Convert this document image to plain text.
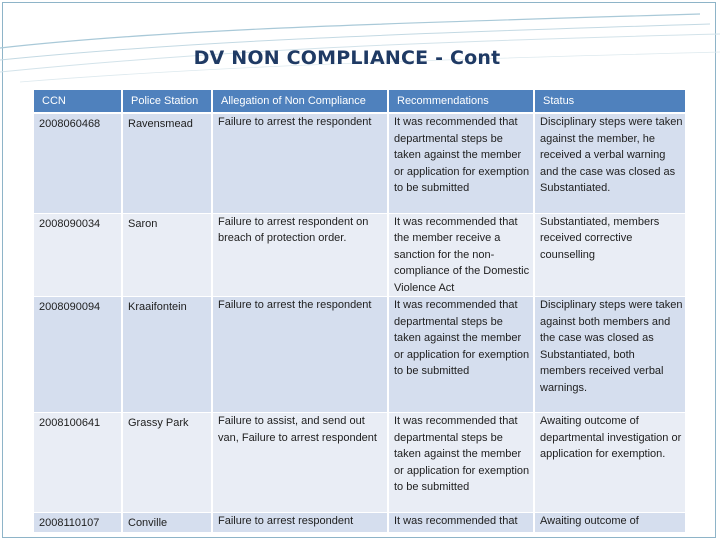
DV NON COMPLIANCE - Cont
CCN	Police Station	Allegation of Non Compliance	Recommendations	Status
2008060468	Ravensmead	Failure to arrest the respondent	It was recommended that departmental steps be taken against the member or application for exemption to be submitted	Disciplinary steps were taken against the member, he received a verbal warning and the case was closed as Substantiated.
2008090034	Saron	Failure to arrest respondent on breach of protection order.	It was recommended that the member receive a sanction for the non-compliance of the Domestic Violence Act	Substantiated, members received corrective counselling
2008090094	Kraaifontein	Failure to arrest the respondent	It was recommended that departmental steps be taken against the member or application for exemption to be submitted	Disciplinary steps were taken against both members and the case was closed as Substantiated, both members received verbal warnings.
2008100641	Grassy Park	Failure to assist, and send out van, Failure to arrest respondent	It was recommended that departmental steps be taken against the member or application for exemption to be submitted	Awaiting outcome of departmental investigation or application for exemption.
2008110107	Conville	Failure to arrest respondent	It was recommended that	Awaiting outcome of
